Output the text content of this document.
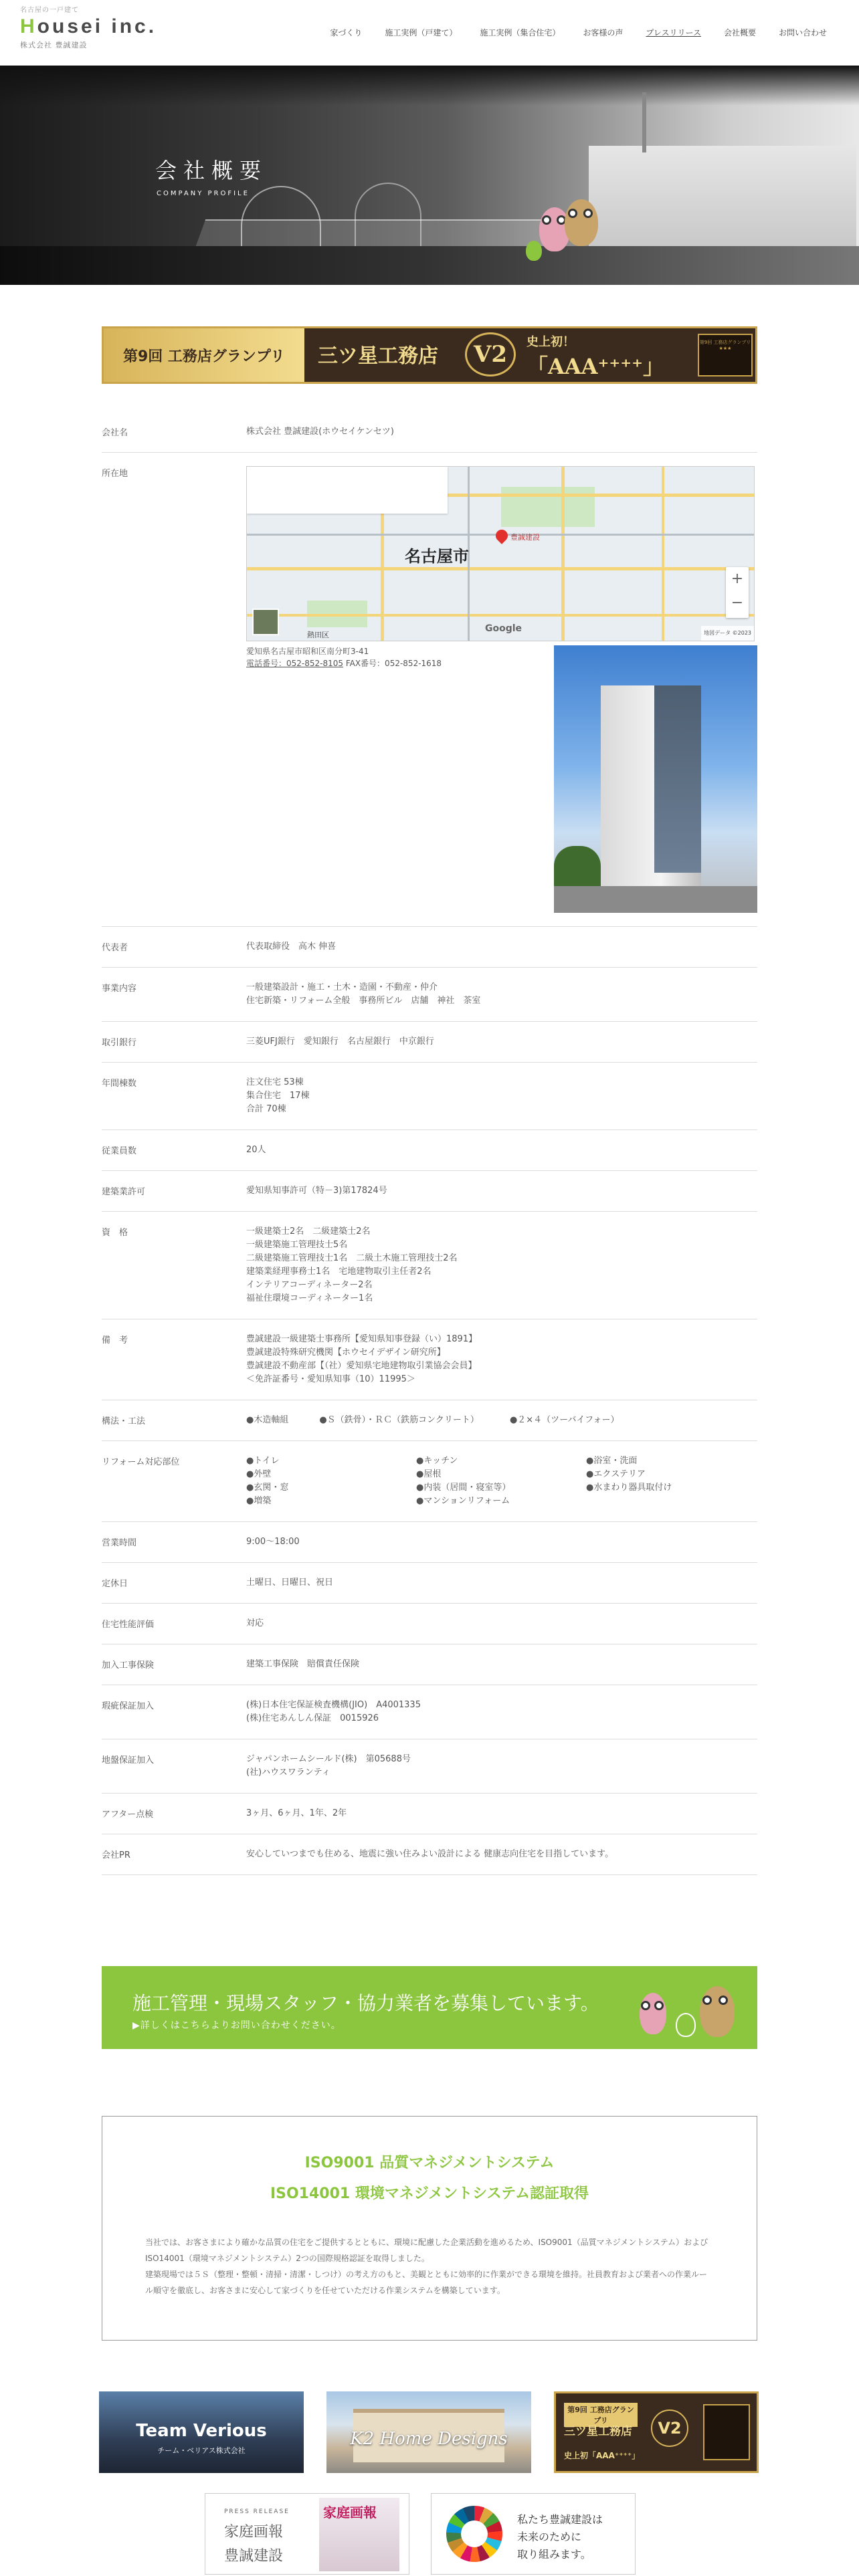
名古屋の一戸建て
Housei inc.
株式会社 豊誠建設
家づくり	施工実例（戸建て）	施工実例（集合住宅）	お客様の声	プレスリリース	会社概要	お問い合わせ
会社概要
COMPANY PROFILE
第9回 工務店グランプリ 三ツ星工務店	V2	史上初！
「AAA⁺⁺⁺⁺」
第9回 工務店グランプリ ★★★
会社名	株式会社 豊誠建設(ホウセイケンセツ)
所在地
名古屋市
豊誠建設
熱田区
Google
+
−
地図データ ©2023
愛知県名古屋市昭和区南分町3-41
電話番号：052-852-8105 FAX番号：052-852-1618
代表者	代表取締役　高木 伸喜
事業内容	一般建築設計・施工・土木・造園・不動産・仲介
住宅新築・リフォーム全般　事務所ビル　店舗　神社　茶室
取引銀行	三菱UFJ銀行　愛知銀行　名古屋銀行　中京銀行
年間棟数	注文住宅 53棟
集合住宅　17棟
合計 70棟
従業員数	20人
建築業許可	愛知県知事許可（特－3)第17824号
資　格	一級建築士2名　二級建築士2名
一級建築施工管理技士5名
二級建築施工管理技士1名　二級土木施工管理技士2名
建築業経理事務士1名　宅地建物取引主任者2名
インテリアコーディネーター2名
福祉住環境コーディネーター1名
備　考	豊誠建設一級建築士事務所【愛知県知事登録（い）1891】
豊誠建設特殊研究機関【ホウセイデザイン研究所】
豊誠建設不動産部【（社）愛知県宅地建物取引業協会会員】
＜免許証番号・愛知県知事（10）11995＞
構法・工法	●木造軸組	●Ｓ（鉄骨）・ＲＣ（鉄筋コンクリート）	●２×４（ツーバイフォー）
リフォーム対応部位	●トイレ	●キッチン	●浴室・洗面
●外壁	●屋根	●エクステリア
●玄関・窓	●内装（居間・寝室等）	●水まわり器具取付け
●増築	●マンションリフォーム
営業時間	9:00〜18:00
定休日	土曜日、日曜日、祝日
住宅性能評価	対応
加入工事保険	建築工事保険　賠償責任保険
瑕疵保証加入	(株)日本住宅保証検査機構(JIO)　A4001335
(株)住宅あんしん保証　0015926
地盤保証加入	ジャパンホームシールド(株)　第05688号
(社)ハウスワランティ
アフター点検	3ヶ月、6ヶ月、1年、2年
会社PR	安心していつまでも住める、地震に強い住みよい設計による 健康志向住宅を目指しています。
施工管理・現場スタッフ・協力業者を募集しています。
▶詳しくはこちらよりお問い合わせください。
ISO9001 品質マネジメントシステム
ISO14001 環境マネジメントシステム認証取得
当社では、お客さまにより確かな品質の住宅をご提供するとともに、環境に配慮した企業活動を進めるため、ISO9001（品質マネジメントシステム）およびISO14001（環境マネジメントシステム）2つの国際規格認証を取得しました。
建築現場では５Ｓ（整理・整頓・清掃・清潔・しつけ）の考え方のもと、美観とともに効率的に作業ができる環境を維持。社員教育および業者への作業ルール順守を徹底し、お客さまに安心して家づくりを任せていただける作業システムを構築しています。
Team Verious
チーム・ベリアス株式会社
K2 Home Designs
第9回 工務店グランプリ
三ツ星工務店	V2
史上初「AAA⁺⁺⁺⁺」
PRESS RELEASE
家庭画報
豊誠建設
家庭画報	私たち豊誠建設は
未来のために
取り組みます。
